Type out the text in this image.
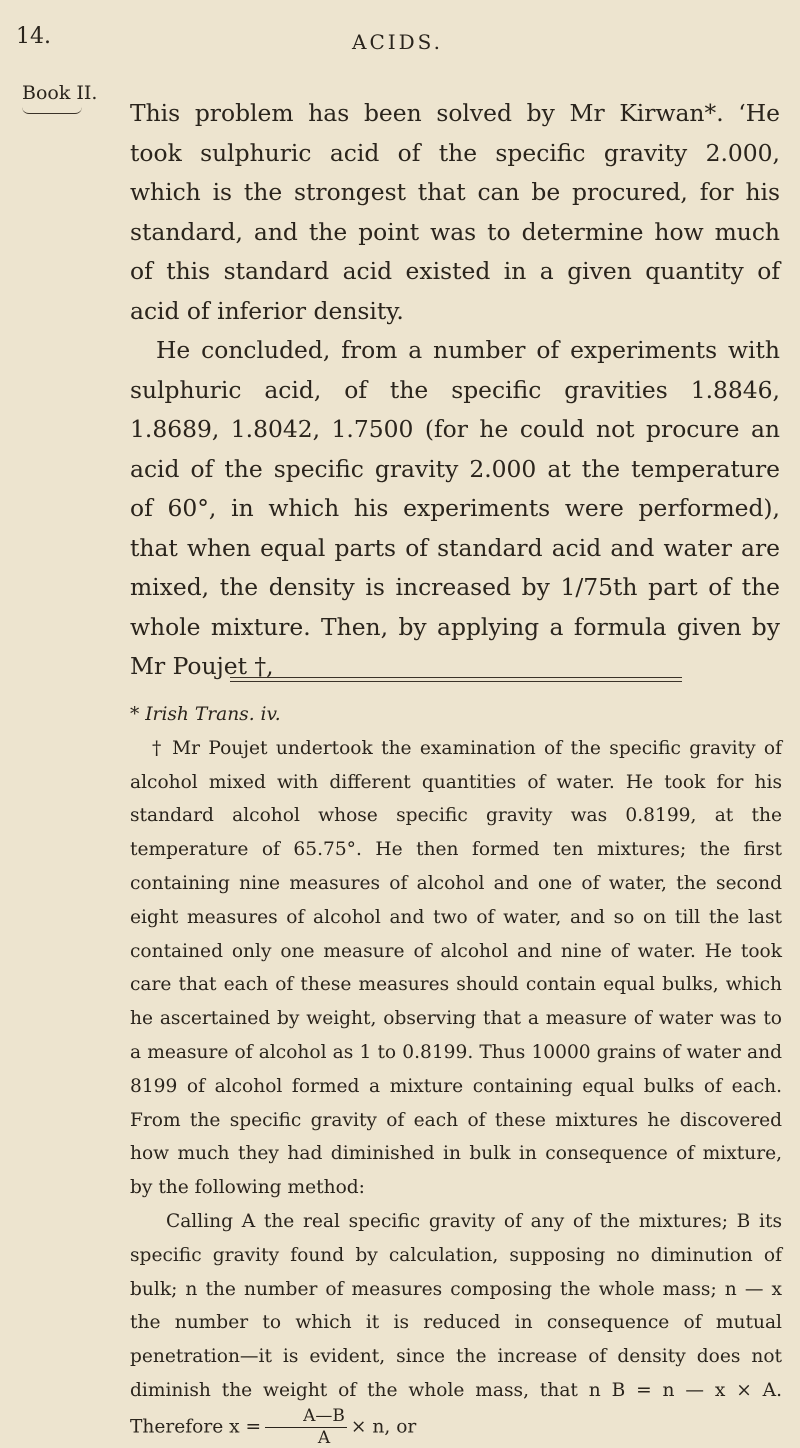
14.	ACIDS.
Book II.

This problem has been solved by Mr Kirwan*. ‘He took sulphuric acid of the specific gravity 2.000, which is the strongest that can be procured, for his standard, and the point was to determine how much of this standard acid existed in a given quantity of acid of inferior density.

He concluded, from a number of experiments with sulphuric acid, of the specific gravities 1.8846, 1.8689, 1.8042, 1.7500 (for he could not procure an acid of the specific gravity 2.000 at the temperature of 60°, in which his experiments were performed), that when equal parts of standard acid and water are mixed, the density is increased by 1/75th part of the whole mixture. Then, by applying a formula given by Mr Poujet †,

* Irish Trans. iv.

† Mr Poujet undertook the examination of the specific gravity of alcohol mixed with different quantities of water. He took for his standard alcohol whose specific gravity was 0.8199, at the temperature of 65.75°. He then formed ten mixtures; the first containing nine measures of alcohol and one of water, the second eight measures of alcohol and two of water, and so on till the last contained only one measure of alcohol and nine of water. He took care that each of these measures should contain equal bulks, which he ascertained by weight, observing that a measure of water was to a measure of alcohol as 1 to 0.8199. Thus 10000 grains of water and 8199 of alcohol formed a mixture containing equal bulks of each. From the specific gravity of each of these mixtures he discovered how much they had diminished in bulk in consequence of mixture, by the following method:

Calling A the real specific gravity of any of the mixtures; B its specific gravity found by calculation, supposing no diminution of bulk; n the number of measures composing the whole mass; n — x the number to which it is reduced in consequence of mutual penetration—it is evident, since the increase of density does not diminish the weight of the whole mass, that n B = n — x × A. Therefore $x = \frac{A—B}{A} \times n$, or
